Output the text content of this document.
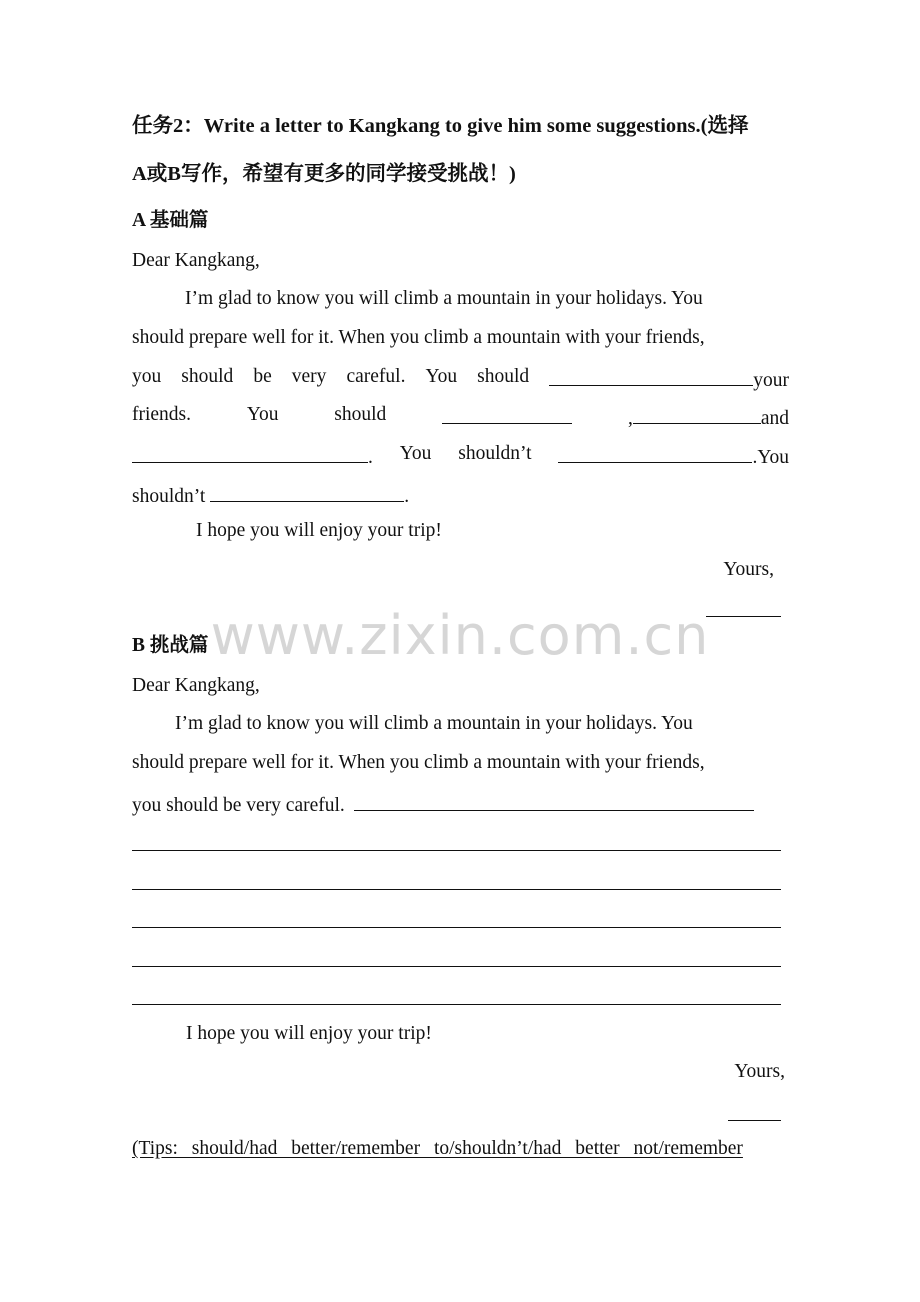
任务2：Write a letter to Kangkang to give him some suggestions.(选择
A或B写作，希望有更多的同学接受挑战！)
A 基础篇
Dear Kangkang,
I’m glad to know you will climb a mountain in your holidays. You
should prepare well for it. When you climb a mountain with your friends,
you should be very careful. You should	your
friends.	You	should	,	and
. You shouldn’t	.You
shouldn’t	.
I hope you will enjoy your trip!
Yours,
B 挑战篇
Dear Kangkang,
I’m glad to know you will climb a mountain in your holidays. You
should prepare well for it. When you climb a mountain with your friends,
you should be very careful.
I hope you will enjoy your trip!
Yours,
(Tips: should/had better/remember to/shouldn’t/had better not/remember
www.zixin.com.cn
